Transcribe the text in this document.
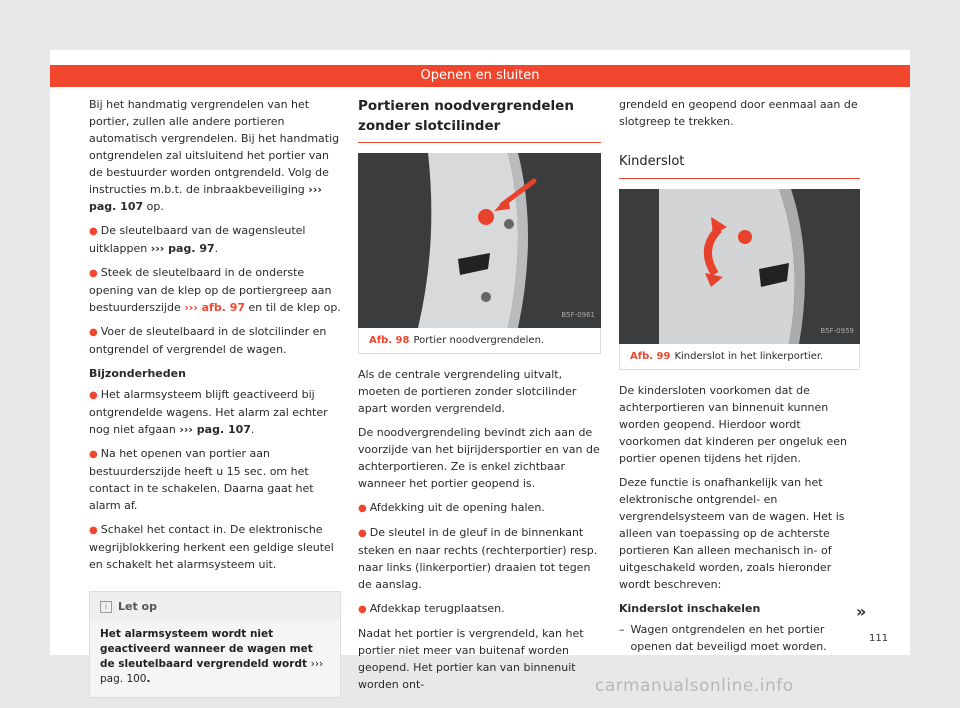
Openen en sluiten

Bij het handmatig vergrendelen van het portier, zullen alle andere portieren automatisch vergrendelen. Bij het handmatig ontgrendelen zal uitsluitend het portier van de bestuurder worden ontgrendeld. Volg de instructies m.b.t. de inbraakbeveiliging ››› pag. 107 op.

● De sleutelbaard van de wagensleutel uitklappen ››› pag. 97.
● Steek de sleutelbaard in de onderste opening van de klep op de portiergreep aan bestuurderszijde ››› afb. 97 en til de klep op.
● Voer de sleutelbaard in de slotcilinder en ontgrendel of vergrendel de wagen.
Bijzonderheden
● Het alarmsysteem blijft geactiveerd bij ontgrendelde wagens. Het alarm zal echter nog niet afgaan ››› pag. 107.
● Na het openen van portier aan bestuurderszijde heeft u 15 sec. om het contact in te schakelen. Daarna gaat het alarm af.
● Schakel het contact in. De elektronische wegrijblokkering herkent een geldige sleutel en schakelt het alarmsysteem uit.
i Let op
Het alarmsysteem wordt niet geactiveerd wanneer de wagen met de sleutelbaard vergrendeld wordt ››› pag. 100.
Portieren noodvergrendelen zonder slotcilinder
B5F-0961
Afb. 98 Portier noodvergrendelen.

Als de centrale vergrendeling uitvalt, moeten de portieren zonder slotcilinder apart worden vergrendeld.

De noodvergrendeling bevindt zich aan de voorzijde van het bijrijdersportier en van de achterportieren. Ze is enkel zichtbaar wanneer het portier geopend is.

● Afdekking uit de opening halen.
● De sleutel in de gleuf in de binnenkant steken en naar rechts (rechterportier) resp. naar links (linkerportier) draaien tot tegen de aanslag.
● Afdekkap terugplaatsen.

Nadat het portier is vergrendeld, kan het portier niet meer van buitenaf worden geopend. Het portier kan van binnenuit worden ont-

grendeld en geopend door eenmaal aan de slotgreep te trekken.

Kinderslot
B5F-0959
Afb. 99 Kinderslot in het linkerportier.

De kindersloten voorkomen dat de achterportieren van binnenuit kunnen worden geopend. Hierdoor wordt voorkomen dat kinderen per ongeluk een portier openen tijdens het rijden.

Deze functie is onafhankelijk van het elektronische ontgrendel- en vergrendelsysteem van de wagen. Het is alleen van toepassing op de achterste portieren Kan alleen mechanisch in- of uitgeschakeld worden, zoals hieronder wordt beschreven:

Kinderslot inschakelen
– Wagen ontgrendelen en het portier openen dat beveiligd moet worden.
»
111
carmanualsonline.info
